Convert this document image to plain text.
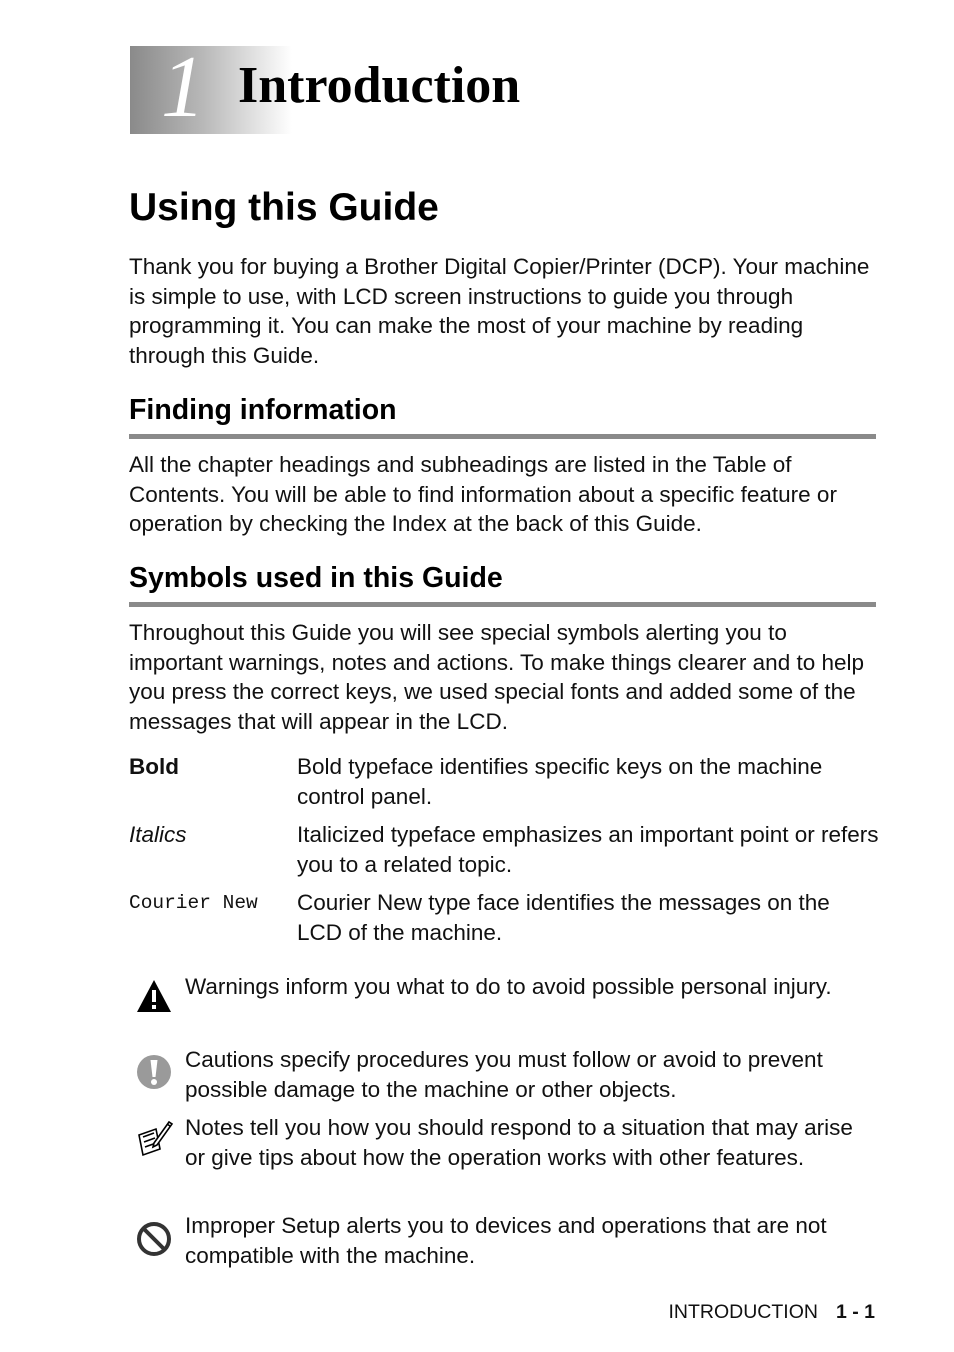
1 Introduction
Using this Guide
Thank you for buying a Brother Digital Copier/Printer (DCP). Your machine is simple to use, with LCD screen instructions to guide you through programming it. You can make the most of your machine by reading through this Guide.
Finding information
All the chapter headings and subheadings are listed in the Table of Contents. You will be able to find information about a specific feature or operation by checking the Index at the back of this Guide.
Symbols used in this Guide
Throughout this Guide you will see special symbols alerting you to important warnings, notes and actions. To make things clearer and to help you press the correct keys, we used special fonts and added some of the messages that will appear in the LCD.
Bold	Bold typeface identifies specific keys on the machine control panel.
Italics	Italicized typeface emphasizes an important point or refers you to a related topic.
Courier New Courier New type face identifies the messages on the LCD of the machine.
Warnings inform you what to do to avoid possible personal injury.
Cautions specify procedures you must follow or avoid to prevent possible damage to the machine or other objects.
Notes tell you how you should respond to a situation that may arise or give tips about how the operation works with other features.
Improper Setup alerts you to devices and operations that are not compatible with the machine.
INTRODUCTION 1 - 1
